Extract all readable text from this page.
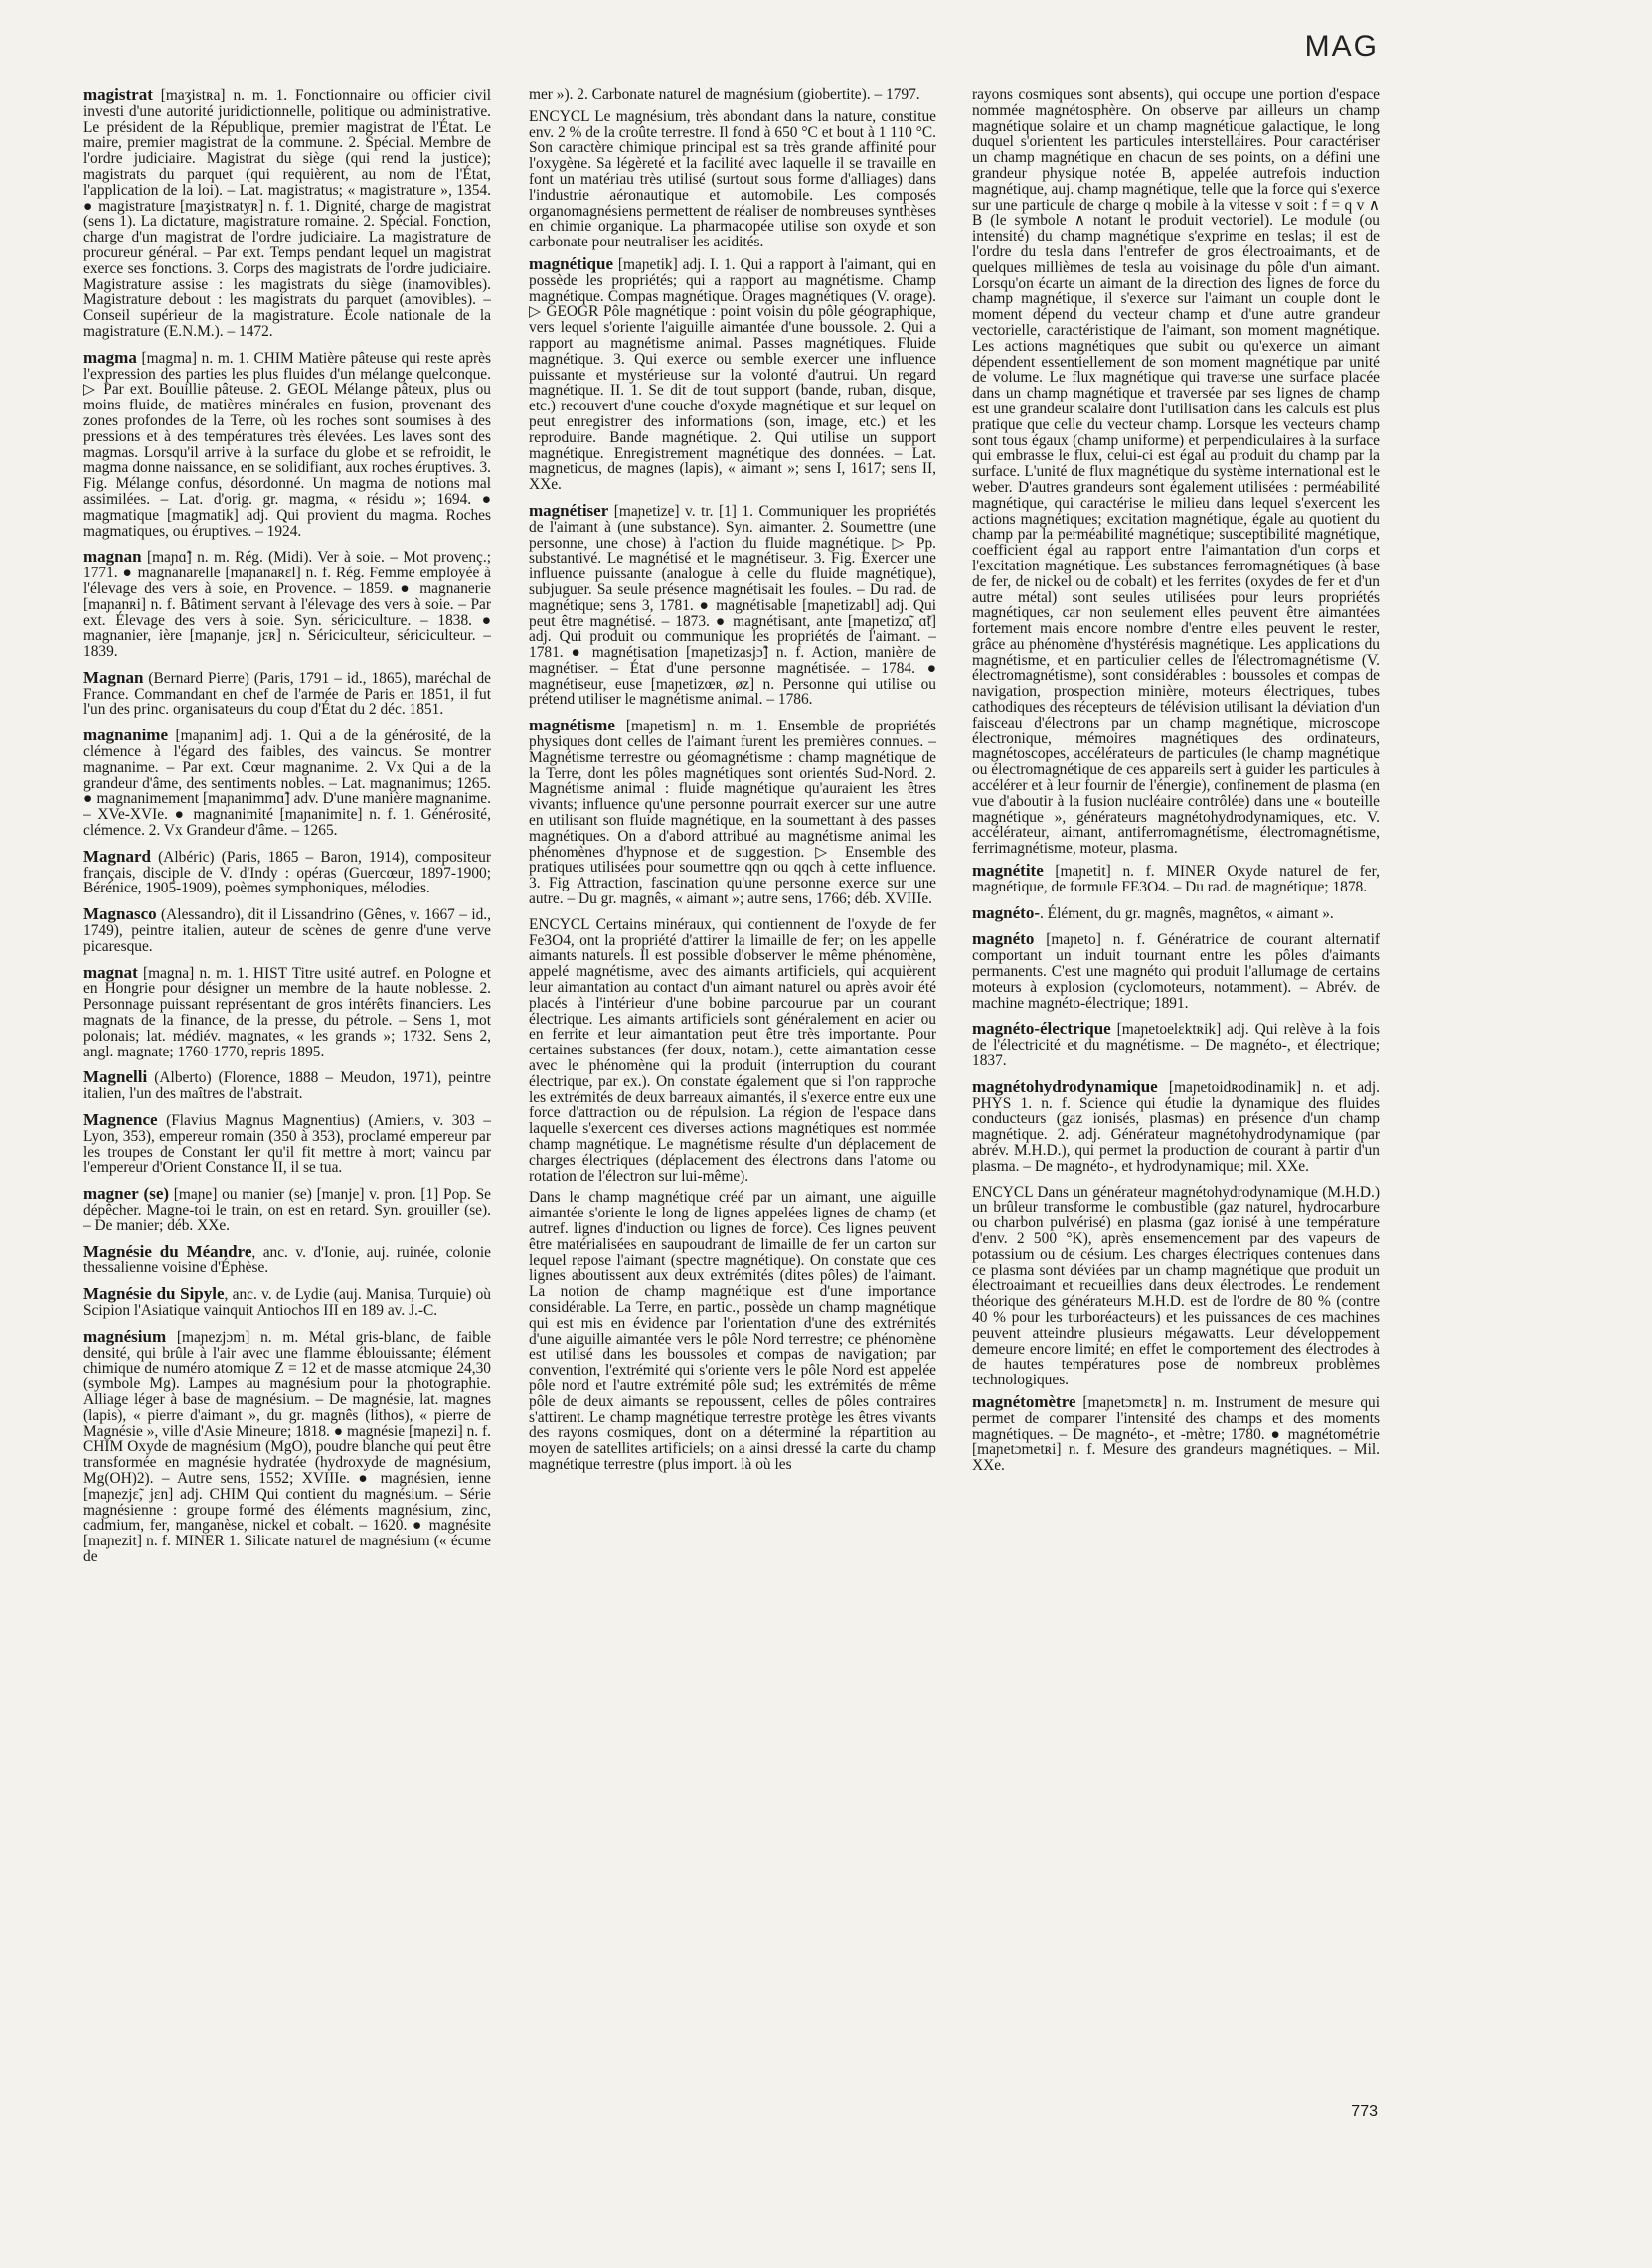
MAG

magistrat [maʒistʀa] n. m. 1. Fonctionnaire ou officier civil investi d'une autorité juridictionnelle, politique ou administrative. Le président de la République, premier magistrat de l'État. Le maire, premier magistrat de la commune. 2. Spécial. Membre de l'ordre judiciaire. Magistrat du siège (qui rend la justice); magistrats du parquet (qui requièrent, au nom de l'État, l'application de la loi). – Lat. magistratus; « magistrature », 1354. ● magistrature [maʒistʀatyʀ] n. f. 1. Dignité, charge de magistrat (sens 1). La dictature, magistrature romaine. 2. Spécial. Fonction, charge d'un magistrat de l'ordre judiciaire. La magistrature de procureur général. – Par ext. Temps pendant lequel un magistrat exerce ses fonctions. 3. Corps des magistrats de l'ordre judiciaire. Magistrature assise : les magistrats du siège (inamovibles). Magistrature debout : les magistrats du parquet (amovibles). – Conseil supérieur de la magistrature. École nationale de la magistrature (E.N.M.). – 1472.

magma [magma] n. m. 1. CHIM Matière pâteuse qui reste après l'expression des parties les plus fluides d'un mélange quelconque. ▷ Par ext. Bouillie pâteuse. 2. GEOL Mélange pâteux, plus ou moins fluide, de matières minérales en fusion, provenant des zones profondes de la Terre, où les roches sont soumises à des pressions et à des températures très élevées. Les laves sont des magmas. Lorsqu'il arrive à la surface du globe et se refroidit, le magma donne naissance, en se solidifiant, aux roches éruptives. 3. Fig. Mélange confus, désordonné. Un magma de notions mal assimilées. – Lat. d'orig. gr. magma, « résidu »; 1694. ● magmatique [magmatik] adj. Qui provient du magma. Roches magmatiques, ou éruptives. – 1924.

magnan [maɲɑ̃] n. m. Rég. (Midi). Ver à soie. – Mot provenç.; 1771. ● magnanarelle [maɲanaʀɛl] n. f. Rég. Femme employée à l'élevage des vers à soie, en Provence. – 1859. ● magnanerie [maɲanʀi] n. f. Bâtiment servant à l'élevage des vers à soie. – Par ext. Élevage des vers à soie. Syn. sériciculture. – 1838. ● magnanier, ière [maɲanje, jɛʀ] n. Sériciculteur, sériciculteur. – 1839.

Magnan (Bernard Pierre) (Paris, 1791 – id., 1865), maréchal de France. Commandant en chef de l'armée de Paris en 1851, il fut l'un des princ. organisateurs du coup d'État du 2 déc. 1851.

magnanime [maɲanim] adj. 1. Qui a de la générosité, de la clémence à l'égard des faibles, des vaincus. Se montrer magnanime. – Par ext. Cœur magnanime. 2. Vx Qui a de la grandeur d'âme, des sentiments nobles. – Lat. magnanimus; 1265. ● magnanimement [maɲanimmɑ̃] adv. D'une manière magnanime. – XVe-XVIe. ● magnanimité [maɲanimite] n. f. 1. Générosité, clémence. 2. Vx Grandeur d'âme. – 1265.

Magnard (Albéric) (Paris, 1865 – Baron, 1914), compositeur français, disciple de V. d'Indy : opéras (Guercœur, 1897-1900; Bérénice, 1905-1909), poèmes symphoniques, mélodies.

Magnasco (Alessandro), dit il Lissandrino (Gênes, v. 1667 – id., 1749), peintre italien, auteur de scènes de genre d'une verve picaresque.

magnat [magna] n. m. 1. HIST Titre usité autref. en Pologne et en Hongrie pour désigner un membre de la haute noblesse. 2. Personnage puissant représentant de gros intérêts financiers. Les magnats de la finance, de la presse, du pétrole. – Sens 1, mot polonais; lat. médiév. magnates, « les grands »; 1732. Sens 2, angl. magnate; 1760-1770, repris 1895.

Magnelli (Alberto) (Florence, 1888 – Meudon, 1971), peintre italien, l'un des maîtres de l'abstrait.

Magnence (Flavius Magnus Magnentius) (Amiens, v. 303 – Lyon, 353), empereur romain (350 à 353), proclamé empereur par les troupes de Constant Ier qu'il fit mettre à mort; vaincu par l'empereur d'Orient Constance II, il se tua.

magner (se) [maɲe] ou manier (se) [manje] v. pron. [1] Pop. Se dépêcher. Magne-toi le train, on est en retard. Syn. grouiller (se). – De manier; déb. XXe.

Magnésie du Méandre, anc. v. d'Ionie, auj. ruinée, colonie thessalienne voisine d'Éphèse.

Magnésie du Sipyle, anc. v. de Lydie (auj. Manisa, Turquie) où Scipion l'Asiatique vainquit Antiochos III en 189 av. J.-C.

magnésium [maɲezjɔm] n. m. Métal gris-blanc, de faible densité, qui brûle à l'air avec une flamme éblouissante; élément chimique de numéro atomique Z = 12 et de masse atomique 24,30 (symbole Mg). Lampes au magnésium pour la photographie. Alliage léger à base de magnésium. – De magnésie, lat. magnes (lapis), « pierre d'aimant », du gr. magnês (lithos), « pierre de Magnésie », ville d'Asie Mineure; 1818. ● magnésie [maɲezi] n. f. CHIM Oxyde de magnésium (MgO), poudre blanche qui peut être transformée en magnésie hydratée (hydroxyde de magnésium, Mg(OH)2). – Autre sens, 1552; XVIIIe. ● magnésien, ienne [maɲezjɛ̃, jɛn] adj. CHIM Qui contient du magnésium. – Série magnésienne : groupe formé des éléments magnésium, zinc, cadmium, fer, manganèse, nickel et cobalt. – 1620. ● magnésite [maɲezit] n. f. MINER 1. Silicate naturel de magnésium (« écume de

mer »). 2. Carbonate naturel de magnésium (giobertite). – 1797.

ENCYCL Le magnésium, très abondant dans la nature, constitue env. 2 % de la croûte terrestre. Il fond à 650 °C et bout à 1 110 °C. Son caractère chimique principal est sa très grande affinité pour l'oxygène. Sa légèreté et la facilité avec laquelle il se travaille en font un matériau très utilisé (surtout sous forme d'alliages) dans l'industrie aéronautique et automobile. Les composés organomagnésiens permettent de réaliser de nombreuses synthèses en chimie organique. La pharmacopée utilise son oxyde et son carbonate pour neutraliser les acidités.

magnétique [maɲetik] adj. I. 1. Qui a rapport à l'aimant, qui en possède les propriétés; qui a rapport au magnétisme. Champ magnétique. Compas magnétique. Orages magnétiques (V. orage). ▷ GEOGR Pôle magnétique : point voisin du pôle géographique, vers lequel s'oriente l'aiguille aimantée d'une boussole. 2. Qui a rapport au magnétisme animal. Passes magnétiques. Fluide magnétique. 3. Qui exerce ou semble exercer une influence puissante et mystérieuse sur la volonté d'autrui. Un regard magnétique. II. 1. Se dit de tout support (bande, ruban, disque, etc.) recouvert d'une couche d'oxyde magnétique et sur lequel on peut enregistrer des informations (son, image, etc.) et les reproduire. Bande magnétique. 2. Qui utilise un support magnétique. Enregistrement magnétique des données. – Lat. magneticus, de magnes (lapis), « aimant »; sens I, 1617; sens II, XXe.

magnétiser [maɲetize] v. tr. [1] 1. Communiquer les propriétés de l'aimant à (une substance). Syn. aimanter. 2. Soumettre (une personne, une chose) à l'action du fluide magnétique. ▷ Pp. substantivé. Le magnétisé et le magnétiseur. 3. Fig. Exercer une influence puissante (analogue à celle du fluide magnétique), subjuguer. Sa seule présence magnétisait les foules. – Du rad. de magnétique; sens 3, 1781. ● magnétisable [maɲetizabl] adj. Qui peut être magnétisé. – 1873. ● magnétisant, ante [maɲetizɑ̃, ɑ̃t] adj. Qui produit ou communique les propriétés de l'aimant. – 1781. ● magnétisation [maɲetizasjɔ̃] n. f. Action, manière de magnétiser. – État d'une personne magnétisée. – 1784. ● magnétiseur, euse [maɲetizœʀ, øz] n. Personne qui utilise ou prétend utiliser le magnétisme animal. – 1786.

magnétisme [maɲetism] n. m. 1. Ensemble de propriétés physiques dont celles de l'aimant furent les premières connues. – Magnétisme terrestre ou géomagnétisme : champ magnétique de la Terre, dont les pôles magnétiques sont orientés Sud-Nord. 2. Magnétisme animal : fluide magnétique qu'auraient les êtres vivants; influence qu'une personne pourrait exercer sur une autre en utilisant son fluide magnétique, en la soumettant à des passes magnétiques. On a d'abord attribué au magnétisme animal les phénomènes d'hypnose et de suggestion. ▷ Ensemble des pratiques utilisées pour soumettre qqn ou qqch à cette influence. 3. Fig Attraction, fascination qu'une personne exerce sur une autre. – Du gr. magnês, « aimant »; autre sens, 1766; déb. XVIIIe.

ENCYCL Certains minéraux, qui contiennent de l'oxyde de fer Fe3O4, ont la propriété d'attirer la limaille de fer; on les appelle aimants naturels. Il est possible d'observer le même phénomène, appelé magnétisme, avec des aimants artificiels, qui acquièrent leur aimantation au contact d'un aimant naturel ou après avoir été placés à l'intérieur d'une bobine parcourue par un courant électrique. Les aimants artificiels sont généralement en acier ou en ferrite et leur aimantation peut être très importante. Pour certaines substances (fer doux, notam.), cette aimantation cesse avec le phénomène qui la produit (interruption du courant électrique, par ex.). On constate également que si l'on rapproche les extrémités de deux barreaux aimantés, il s'exerce entre eux une force d'attraction ou de répulsion. La région de l'espace dans laquelle s'exercent ces diverses actions magnétiques est nommée champ magnétique. Le magnétisme résulte d'un déplacement de charges électriques (déplacement des électrons dans l'atome ou rotation de l'électron sur lui-même).

Dans le champ magnétique créé par un aimant, une aiguille aimantée s'oriente le long de lignes appelées lignes de champ (et autref. lignes d'induction ou lignes de force). Ces lignes peuvent être matérialisées en saupoudrant de limaille de fer un carton sur lequel repose l'aimant (spectre magnétique). On constate que ces lignes aboutissent aux deux extrémités (dites pôles) de l'aimant. La notion de champ magnétique est d'une importance considérable. La Terre, en partic., possède un champ magnétique qui est mis en évidence par l'orientation d'une des extrémités d'une aiguille aimantée vers le pôle Nord terrestre; ce phénomène est utilisé dans les boussoles et compas de navigation; par convention, l'extrémité qui s'oriente vers le pôle Nord est appelée pôle nord et l'autre extrémité pôle sud; les extrémités de même pôle de deux aimants se repoussent, celles de pôles contraires s'attirent. Le champ magnétique terrestre protège les êtres vivants des rayons cosmiques, dont on a déterminé la répartition au moyen de satellites artificiels; on a ainsi dressé la carte du champ magnétique terrestre (plus import. là où les

rayons cosmiques sont absents), qui occupe une portion d'espace nommée magnétosphère. On observe par ailleurs un champ magnétique solaire et un champ magnétique galactique, le long duquel s'orientent les particules interstellaires. Pour caractériser un champ magnétique en chacun de ses points, on a défini une grandeur physique notée B, appelée autrefois induction magnétique, auj. champ magnétique, telle que la force qui s'exerce sur une particule de charge q mobile à la vitesse v soit : f = q v ∧ B (le symbole ∧ notant le produit vectoriel). Le module (ou intensité) du champ magnétique s'exprime en teslas; il est de l'ordre du tesla dans l'entrefer de gros électroaimants, et de quelques millièmes de tesla au voisinage du pôle d'un aimant. Lorsqu'on écarte un aimant de la direction des lignes de force du champ magnétique, il s'exerce sur l'aimant un couple dont le moment dépend du vecteur champ et d'une autre grandeur vectorielle, caractéristique de l'aimant, son moment magnétique. Les actions magnétiques que subit ou qu'exerce un aimant dépendent essentiellement de son moment magnétique par unité de volume. Le flux magnétique qui traverse une surface placée dans un champ magnétique et traversée par ses lignes de champ est une grandeur scalaire dont l'utilisation dans les calculs est plus pratique que celle du vecteur champ. Lorsque les vecteurs champ sont tous égaux (champ uniforme) et perpendiculaires à la surface qui embrasse le flux, celui-ci est égal au produit du champ par la surface. L'unité de flux magnétique du système international est le weber. D'autres grandeurs sont également utilisées : perméabilité magnétique, qui caractérise le milieu dans lequel s'exercent les actions magnétiques; excitation magnétique, égale au quotient du champ par la perméabilité magnétique; susceptibilité magnétique, coefficient égal au rapport entre l'aimantation d'un corps et l'excitation magnétique. Les substances ferromagnétiques (à base de fer, de nickel ou de cobalt) et les ferrites (oxydes de fer et d'un autre métal) sont seules utilisées pour leurs propriétés magnétiques, car non seulement elles peuvent être aimantées fortement mais encore nombre d'entre elles peuvent le rester, grâce au phénomène d'hystérésis magnétique. Les applications du magnétisme, et en particulier celles de l'électromagnétisme (V. électromagnétisme), sont considérables : boussoles et compas de navigation, prospection minière, moteurs électriques, tubes cathodiques des récepteurs de télévision utilisant la déviation d'un faisceau d'électrons par un champ magnétique, microscope électronique, mémoires magnétiques des ordinateurs, magnétoscopes, accélérateurs de particules (le champ magnétique ou électromagnétique de ces appareils sert à guider les particules à accélérer et à leur fournir de l'énergie), confinement de plasma (en vue d'aboutir à la fusion nucléaire contrôlée) dans une « bouteille magnétique », générateurs magnétohydrodynamiques, etc. V. accélérateur, aimant, antiferromagnétisme, électromagnétisme, ferrimagnétisme, moteur, plasma.

magnétite [maɲetit] n. f. MINER Oxyde naturel de fer, magnétique, de formule FE3O4. – Du rad. de magnétique; 1878.

magnéto-. Élément, du gr. magnês, magnêtos, « aimant ».

magnéto [maɲeto] n. f. Génératrice de courant alternatif comportant un induit tournant entre les pôles d'aimants permanents. C'est une magnéto qui produit l'allumage de certains moteurs à explosion (cyclomoteurs, notamment). – Abrév. de machine magnéto-électrique; 1891.

magnéto-électrique [maɲetoelɛktʀik] adj. Qui relève à la fois de l'électricité et du magnétisme. – De magnéto-, et électrique; 1837.

magnétohydrodynamique [maɲetoidʀodinamik] n. et adj. PHYS 1. n. f. Science qui étudie la dynamique des fluides conducteurs (gaz ionisés, plasmas) en présence d'un champ magnétique. 2. adj. Générateur magnétohydrodynamique (par abrév. M.H.D.), qui permet la production de courant à partir d'un plasma. – De magnéto-, et hydrodynamique; mil. XXe.

ENCYCL Dans un générateur magnétohydrodynamique (M.H.D.) un brûleur transforme le combustible (gaz naturel, hydrocarbure ou charbon pulvérisé) en plasma (gaz ionisé à une température d'env. 2 500 °K), après ensemencement par des vapeurs de potassium ou de césium. Les charges électriques contenues dans ce plasma sont déviées par un champ magnétique que produit un électroaimant et recueillies dans deux électrodes. Le rendement théorique des générateurs M.H.D. est de l'ordre de 80 % (contre 40 % pour les turboréacteurs) et les puissances de ces machines peuvent atteindre plusieurs mégawatts. Leur développement demeure encore limité; en effet le comportement des électrodes à de hautes températures pose de nombreux problèmes technologiques.

magnétomètre [maɲetɔmɛtʀ] n. m. Instrument de mesure qui permet de comparer l'intensité des champs et des moments magnétiques. – De magnéto-, et -mètre; 1780. ● magnétométrie [maɲetɔmetʀi] n. f. Mesure des grandeurs magnétiques. – Mil. XXe.

773
